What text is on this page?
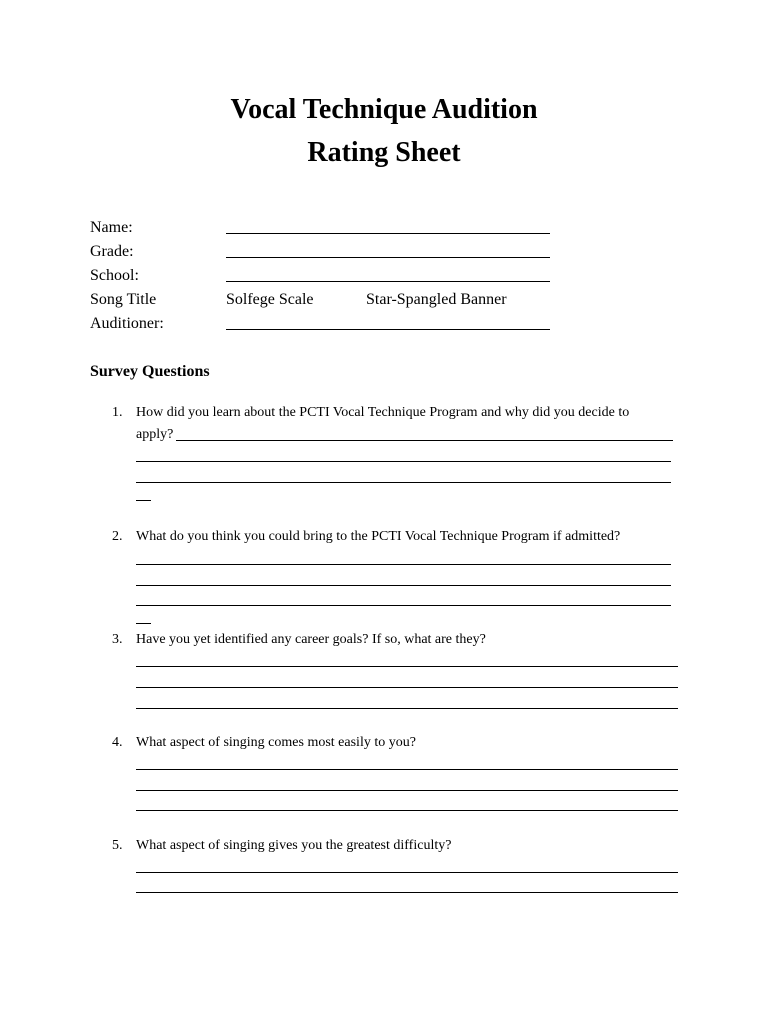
Vocal Technique Audition
Rating Sheet
Name:
Grade:
School:
Song Title	Solfege Scale	Star-Spangled Banner
Auditioner:
Survey Questions
1. How did you learn about the PCTI Vocal Technique Program and why did you decide to
apply?
2. What do you think you could bring to the PCTI Vocal Technique Program if admitted?
3. Have you yet identified any career goals? If so, what are they?
4. What aspect of singing comes most easily to you?
5. What aspect of singing gives you the greatest difficulty?
